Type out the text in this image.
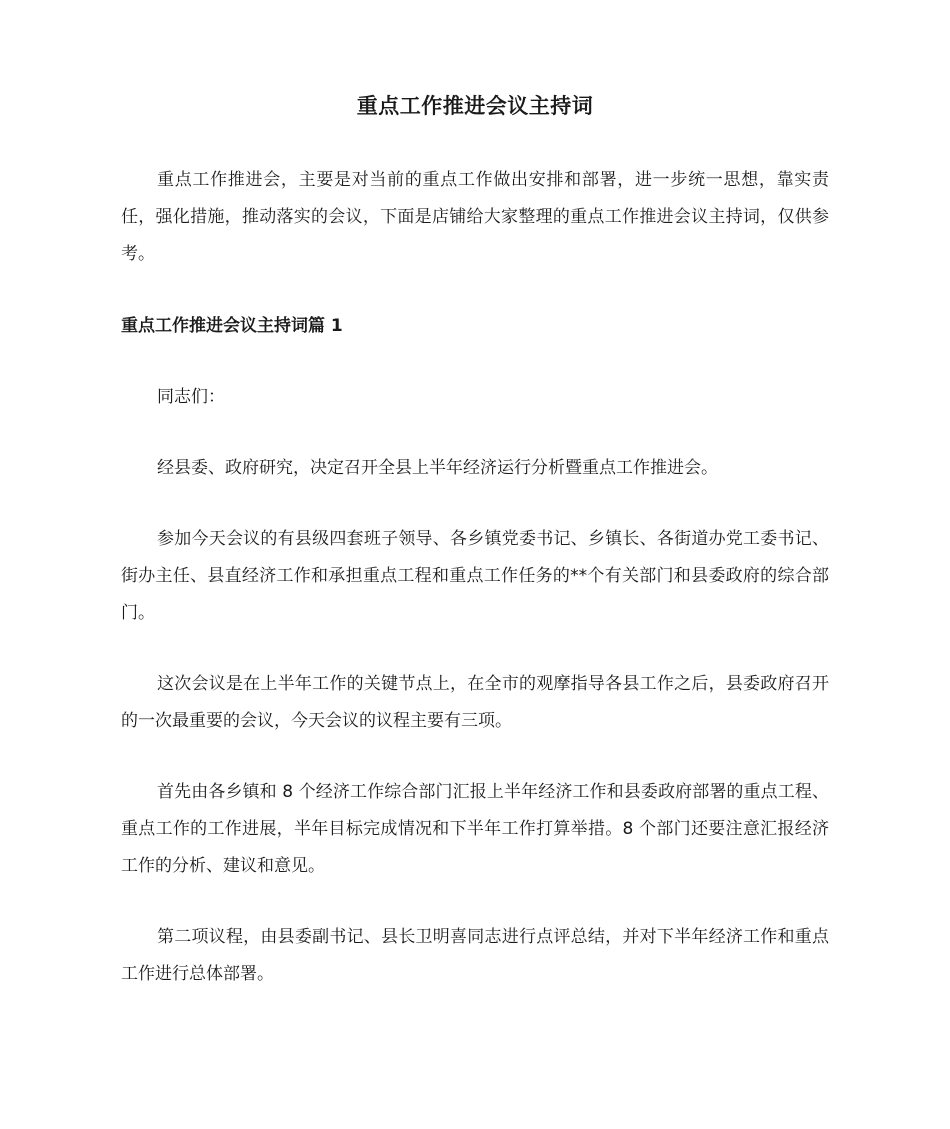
重点工作推进会议主持词

重点工作推进会，主要是对当前的重点工作做出安排和部署，进一步统一思想，靠实责任，强化措施，推动落实的会议，下面是店铺给大家整理的重点工作推进会议主持词，仅供参考。

重点工作推进会议主持词篇 1

同志们：

经县委、政府研究，决定召开全县上半年经济运行分析暨重点工作推进会。

参加今天会议的有县级四套班子领导、各乡镇党委书记、乡镇长、各街道办党工委书记、街办主任、县直经济工作和承担重点工程和重点工作任务的**个有关部门和县委政府的综合部门。

这次会议是在上半年工作的关键节点上，在全市的观摩指导各县工作之后，县委政府召开的一次最重要的会议，今天会议的议程主要有三项。

首先由各乡镇和 8 个经济工作综合部门汇报上半年经济工作和县委政府部署的重点工程、重点工作的工作进展，半年目标完成情况和下半年工作打算举措。8 个部门还要注意汇报经济工作的分析、建议和意见。

第二项议程，由县委副书记、县长卫明喜同志进行点评总结，并对下半年经济工作和重点工作进行总体部署。
